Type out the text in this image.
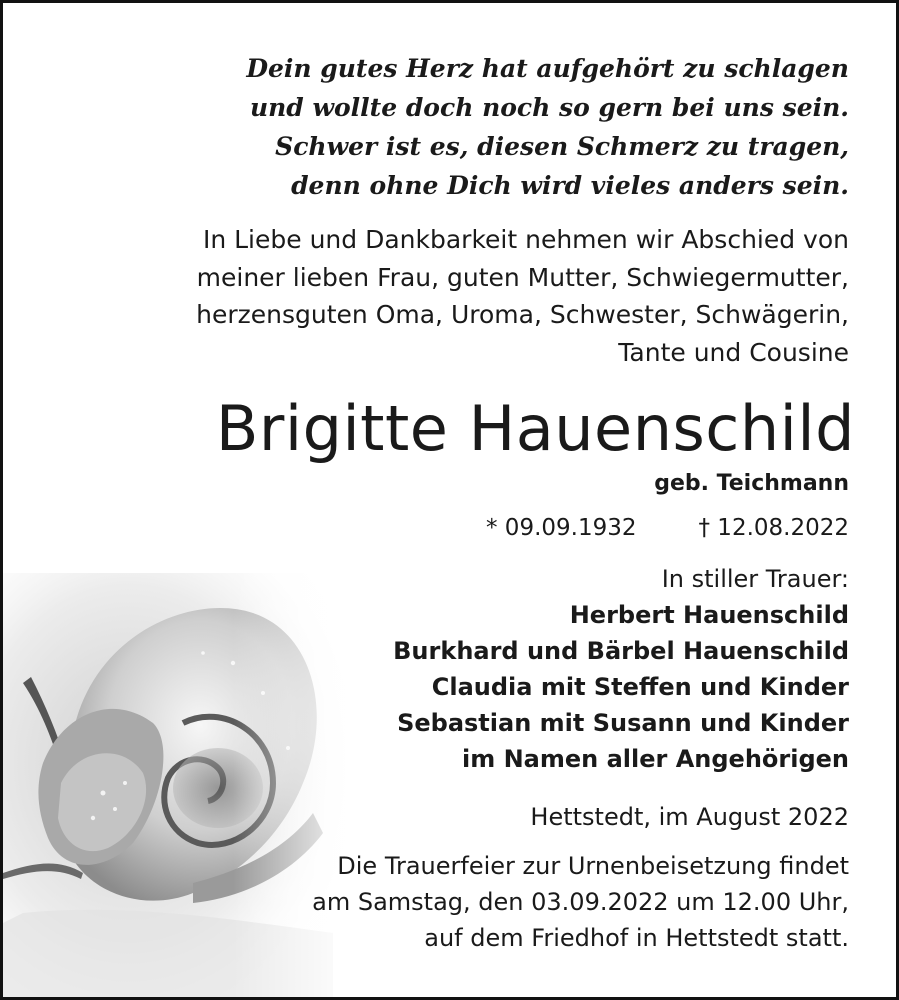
Dein gutes Herz hat aufgehört zu schlagen
und wollte doch noch so gern bei uns sein.
Schwer ist es, diesen Schmerz zu tragen,
denn ohne Dich wird vieles anders sein.
In Liebe und Dankbarkeit nehmen wir Abschied von
meiner lieben Frau, guten Mutter, Schwiegermutter,
herzensguten Oma, Uroma, Schwester, Schwägerin,
Tante und Cousine
Brigitte Hauenschild
geb. Teichmann
* 09.09.1932	† 12.08.2022
In stiller Trauer:
Herbert Hauenschild
Burkhard und Bärbel Hauenschild
Claudia mit Steffen und Kinder
Sebastian mit Susann und Kinder
im Namen aller Angehörigen
Hettstedt, im August 2022
Die Trauerfeier zur Urnenbeisetzung findet
am Samstag, den 03.09.2022 um 12.00 Uhr,
auf dem Friedhof in Hettstedt statt.
